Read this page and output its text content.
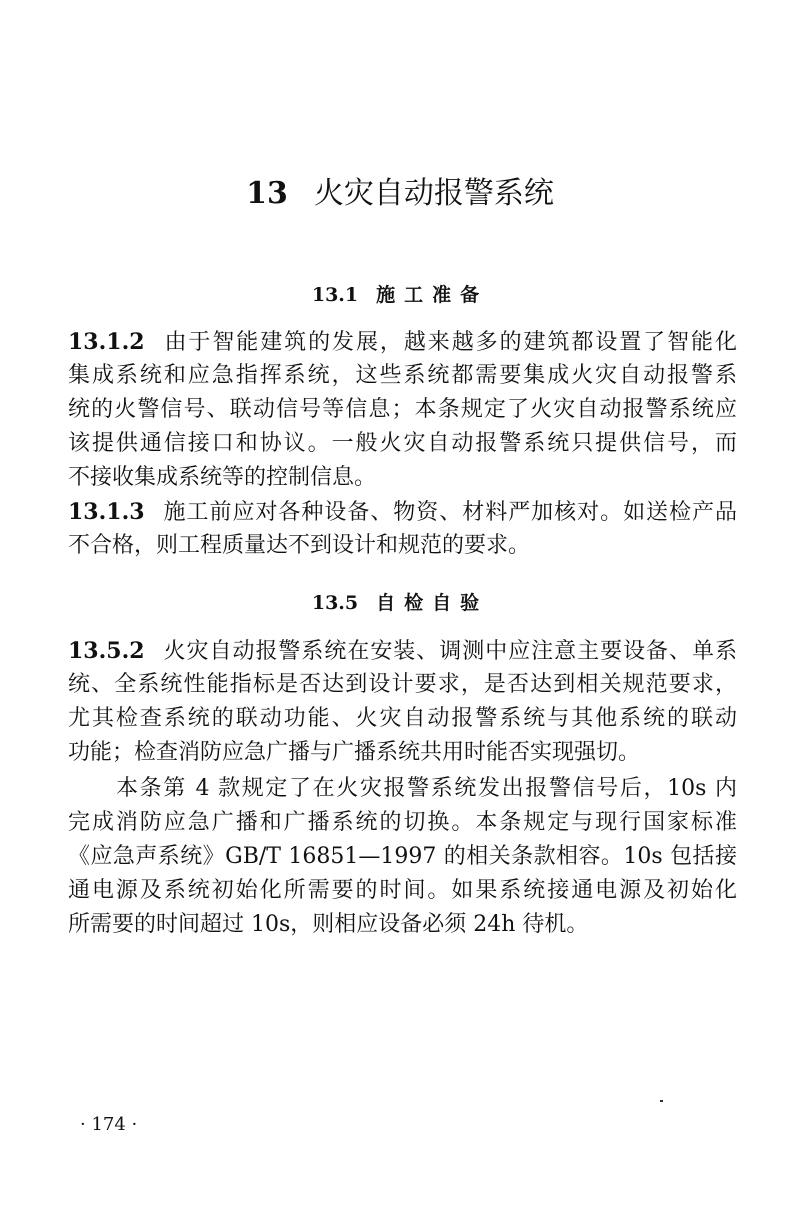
13 火灾自动报警系统
13.1 施工准备
13.1.2 由于智能建筑的发展，越来越多的建筑都设置了智能化
集成系统和应急指挥系统，这些系统都需要集成火灾自动报警系
统的火警信号、联动信号等信息；本条规定了火灾自动报警系统应
该提供通信接口和协议。一般火灾自动报警系统只提供信号，而
不接收集成系统等的控制信息。
13.1.3 施工前应对各种设备、物资、材料严加核对。如送检产品
不合格，则工程质量达不到设计和规范的要求。
13.5 自检自验
13.5.2 火灾自动报警系统在安装、调测中应注意主要设备、单系
统、全系统性能指标是否达到设计要求，是否达到相关规范要求，
尤其检查系统的联动功能、火灾自动报警系统与其他系统的联动
功能；检查消防应急广播与广播系统共用时能否实现强切。
本条第 4 款规定了在火灾报警系统发出报警信号后，10s 内
完成消防应急广播和广播系统的切换。本条规定与现行国家标准
《应急声系统》GB/T 16851—1997 的相关条款相容。10s 包括接
通电源及系统初始化所需要的时间。如果系统接通电源及初始化
所需要的时间超过 10s，则相应设备必须 24h 待机。
· 174 ·
